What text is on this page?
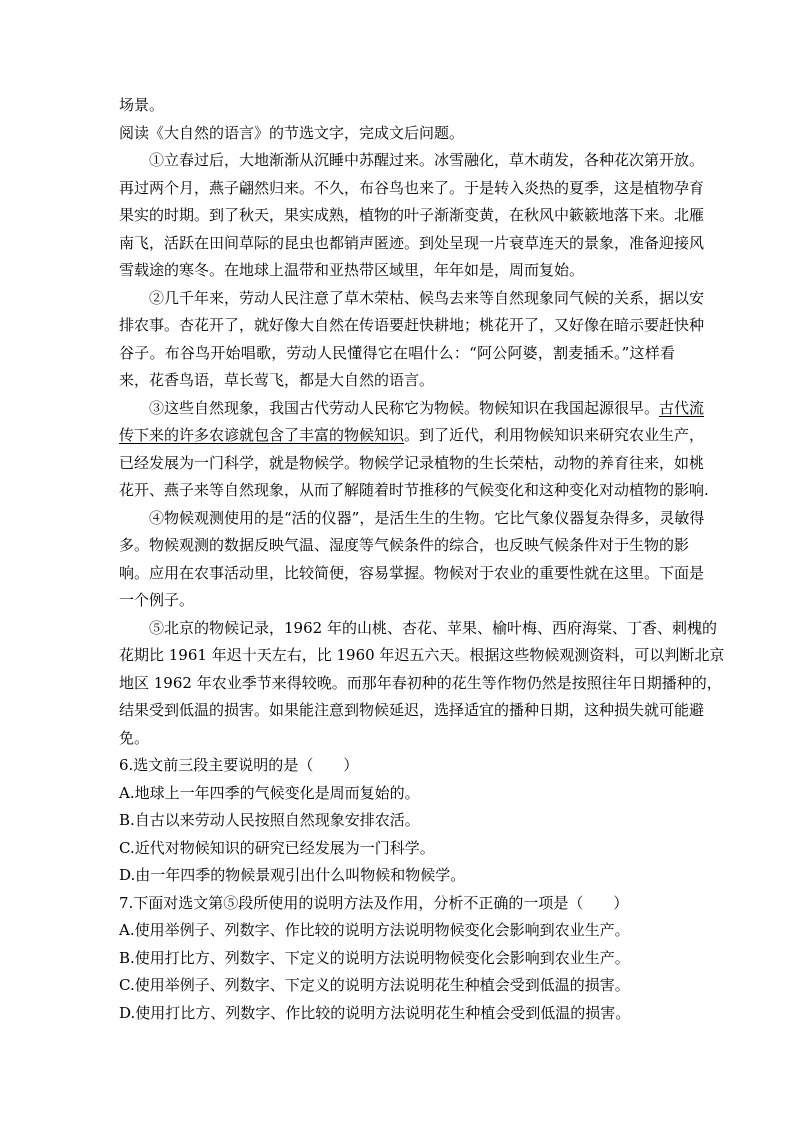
场景。
阅读《大自然的语言》的节选文字，完成文后问题。
①立春过后，大地渐渐从沉睡中苏醒过来。冰雪融化，草木萌发，各种花次第开放。
再过两个月，燕子翩然归来。不久，布谷鸟也来了。于是转入炎热的夏季，这是植物孕育
果实的时期。到了秋天，果实成熟，植物的叶子渐渐变黄，在秋风中簌簌地落下来。北雁
南飞，活跃在田间草际的昆虫也都销声匿迹。到处呈现一片衰草连天的景象，准备迎接风
雪载途的寒冬。在地球上温带和亚热带区域里，年年如是，周而复始。
②几千年来，劳动人民注意了草木荣枯、候鸟去来等自然现象同气候的关系，据以安
排农事。杏花开了，就好像大自然在传语要赶快耕地；桃花开了，又好像在暗示要赶快种
谷子。布谷鸟开始唱歌，劳动人民懂得它在唱什么：“阿公阿婆，割麦插禾。”这样看
来，花香鸟语，草长莺飞，都是大自然的语言。
③这些自然现象，我国古代劳动人民称它为物候。物候知识在我国起源很早。古代流
传下来的许多农谚就包含了丰富的物候知识。到了近代，利用物候知识来研究农业生产，
已经发展为一门科学，就是物候学。物候学记录植物的生长荣枯，动物的养育往来，如桃
花开、燕子来等自然现象，从而了解随着时节推移的气候变化和这种变化对动植物的影响.
④物候观测使用的是“活的仪器”，是活生生的生物。它比气象仪器复杂得多，灵敏得
多。物候观测的数据反映气温、湿度等气候条件的综合，也反映气候条件对于生物的影
响。应用在农事活动里，比较简便，容易掌握。物候对于农业的重要性就在这里。下面是
一个例子。
⑤北京的物候记录，1962 年的山桃、杏花、苹果、榆叶梅、西府海棠、丁香、刺槐的
花期比 1961 年迟十天左右，比 1960 年迟五六天。根据这些物候观测资料，可以判断北京
地区 1962 年农业季节来得较晚。而那年春初种的花生等作物仍然是按照往年日期播种的，
结果受到低温的损害。如果能注意到物候延迟，选择适宜的播种日期，这种损失就可能避
免。
6.选文前三段主要说明的是（　　）
A.地球上一年四季的气候变化是周而复始的。
B.自古以来劳动人民按照自然现象安排农活。
C.近代对物候知识的研究已经发展为一门科学。
D.由一年四季的物候景观引出什么叫物候和物候学。
7.下面对选文第⑤段所使用的说明方法及作用，分析不正确的一项是（　　）
A.使用举例子、列数字、作比较的说明方法说明物候变化会影响到农业生产。
B.使用打比方、列数字、下定义的说明方法说明物候变化会影响到农业生产。
C.使用举例子、列数字、下定义的说明方法说明花生种植会受到低温的损害。
D.使用打比方、列数字、作比较的说明方法说明花生种植会受到低温的损害。
